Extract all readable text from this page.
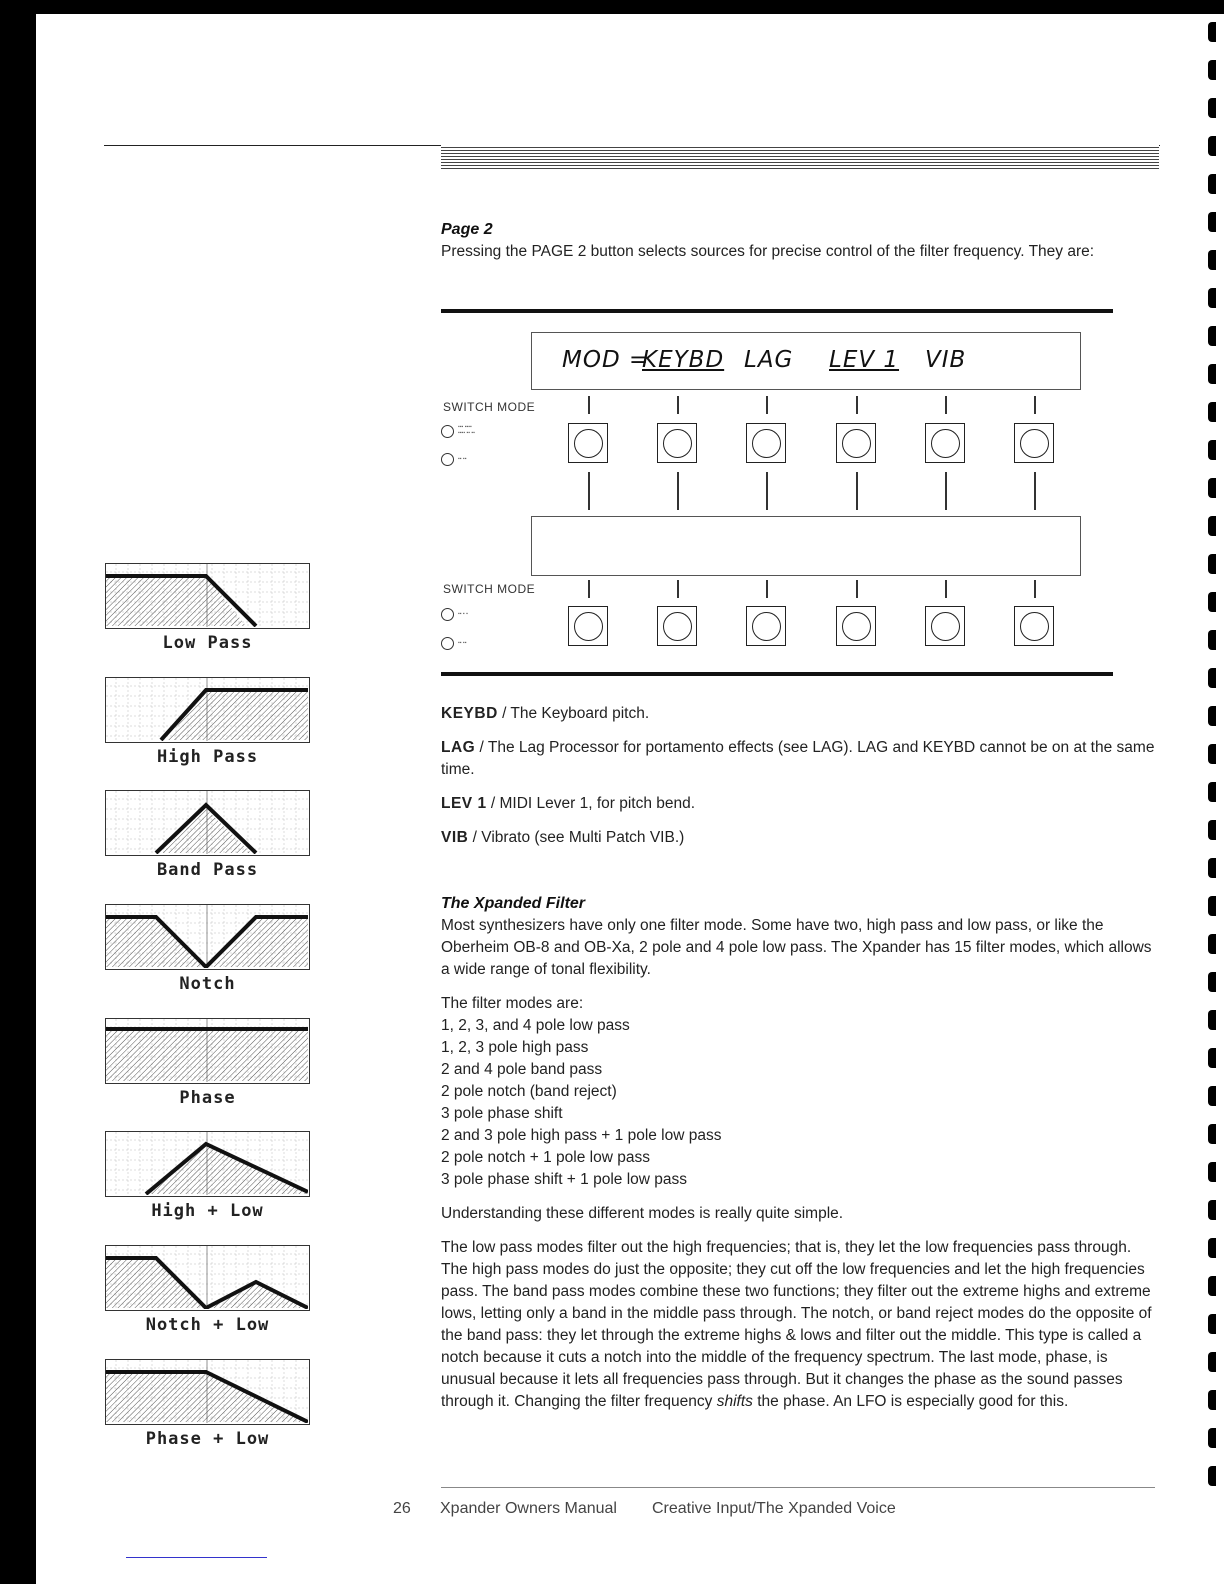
Page 2

Pressing the PAGE 2 button selects sources for precise control of the filter frequency. They are:

MOD =
KEYBD LAG LEV 1 VIB
SWITCH MODE
▪▪▪ ▪▪▪▪
▪▪▪▪ ▪▪ ▪▪
▪▪ ▪▪
SWITCH MODE
▪▪ ▪ ▪
▪▪ ▪▪

KEYBD / The Keyboard pitch.

LAG / The Lag Processor for portamento effects (see LAG). LAG and KEYBD cannot be on at the same time.

LEV 1 / MIDI Lever 1, for pitch bend.

VIB / Vibrato (see Multi Patch VIB.)

The Xpanded Filter

Most synthesizers have only one filter mode. Some have two, high pass and low pass, or like the Oberheim OB-8 and OB-Xa, 2 pole and 4 pole low pass. The Xpander has 15 filter modes, which allows a wide range of tonal flexibility.

The filter modes are:

1, 2, 3, and 4 pole low pass
1, 2, 3 pole high pass
2 and 4 pole band pass
2 pole notch (band reject)
3 pole phase shift
2 and 3 pole high pass + 1 pole low pass
2 pole notch + 1 pole low pass
3 pole phase shift + 1 pole low pass

Understanding these different modes is really quite simple.

The low pass modes filter out the high frequencies; that is, they let the low frequencies pass through. The high pass modes do just the opposite; they cut off the low frequencies and let the high frequencies pass. The band pass modes combine these two functions; they filter out the extreme highs and extreme lows, letting only a band in the middle pass through. The notch, or band reject modes do the opposite of the band pass: they let through the extreme highs & lows and filter out the middle. This type is called a notch because it cuts a notch into the middle of the frequency spectrum. The last mode, phase, is unusual because it lets all frequencies pass through. But it changes the phase as the sound passes through it. Changing the filter frequency shifts the phase. An LFO is especially good for this.

Low Pass
High Pass
Band Pass
Notch
Phase
High + Low
Notch + Low
Phase + Low
26 Xpander Owners Manual Creative Input/The Xpanded Voice
